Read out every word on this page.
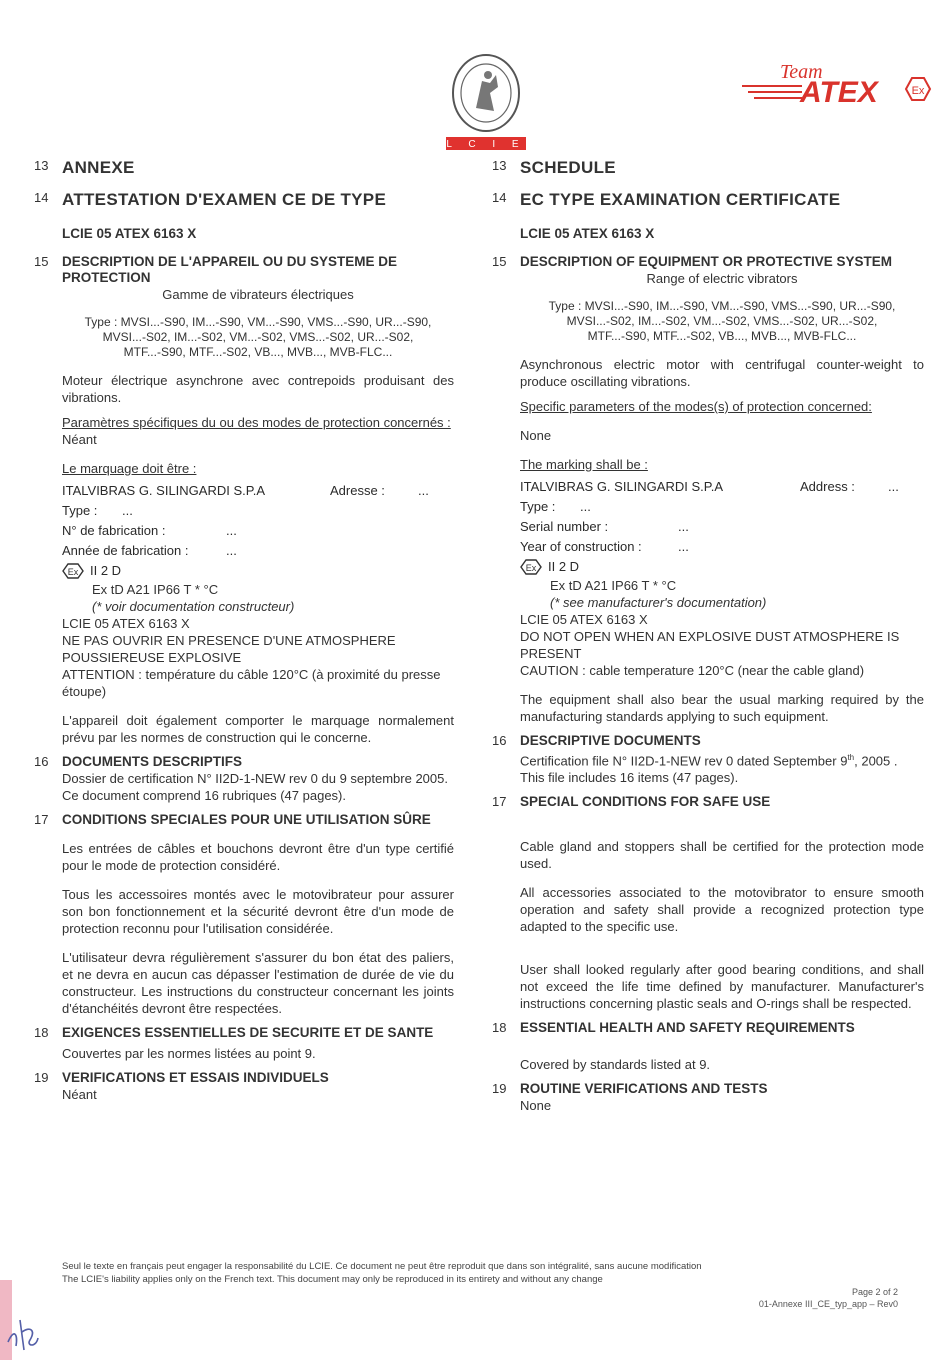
L C I E
Team
ATEX	Ex
13 ANNEXE
14 ATTESTATION D'EXAMEN CE DE TYPE
LCIE 05 ATEX 6163 X
15 DESCRIPTION DE L'APPAREIL OU DU SYSTEME DE PROTECTION
Gamme de vibrateurs électriques
Type : MVSI...-S90, IM...-S90, VM...-S90, VMS...-S90, UR...-S90,
MVSI...-S02, IM...-S02, VM...-S02, VMS...-S02, UR...-S02,
MTF...-S90, MTF...-S02, VB..., MVB..., MVB-FLC...
Moteur électrique asynchrone avec contrepoids produisant des vibrations.
Paramètres spécifiques du ou des modes de protection concernés :
Néant
Le marquage doit être :
ITALVIBRAS G. SILINGARDI S.P.A	Adresse :	...
Type :	...
N° de fabrication :	...
Année de fabrication :	...
Ex II 2 D
Ex tD A21 IP66 T * °C
(* voir documentation constructeur)
LCIE 05 ATEX 6163 X
NE PAS OUVRIR EN PRESENCE D'UNE ATMOSPHERE POUSSIEREUSE EXPLOSIVE
ATTENTION : température du câble 120°C (à proximité du presse étoupe)
L'appareil doit également comporter le marquage normalement prévu par les normes de construction qui le concerne.
16 DOCUMENTS DESCRIPTIFS
Dossier de certification N° II2D-1-NEW rev 0 du 9 septembre 2005.
Ce document comprend 16 rubriques (47 pages).
17 CONDITIONS SPECIALES POUR UNE UTILISATION SÛRE
Les entrées de câbles et bouchons devront être d'un type certifié pour le mode de protection considéré.
Tous les accessoires montés avec le motovibrateur pour assurer son bon fonctionnement et la sécurité devront être d'un mode de protection reconnu pour l'utilisation considérée.
L'utilisateur devra régulièrement s'assurer du bon état des paliers, et ne devra en aucun cas dépasser l'estimation de durée de vie du constructeur. Les instructions du constructeur concernant les joints d'étanchéités devront être respectées.
18 EXIGENCES ESSENTIELLES DE SECURITE ET DE SANTE
Couvertes par les normes listées au point 9.
19 VERIFICATIONS ET ESSAIS INDIVIDUELS
Néant
13 SCHEDULE
14 EC TYPE EXAMINATION CERTIFICATE
LCIE 05 ATEX 6163 X
15 DESCRIPTION OF EQUIPMENT OR PROTECTIVE SYSTEM
Range of electric vibrators
Type : MVSI...-S90, IM...-S90, VM...-S90, VMS...-S90, UR...-S90,
MVSI...-S02, IM...-S02, VM...-S02, VMS...-S02, UR...-S02,
MTF...-S90, MTF...-S02, VB..., MVB..., MVB-FLC...
Asynchronous electric motor with centrifugal counter-weight to produce oscillating vibrations.
Specific parameters of the modes(s) of protection concerned:
None
The marking shall be :
ITALVIBRAS G. SILINGARDI S.P.A	Address :	...
Type :	...
Serial number :	...
Year of construction :	...
Ex II 2 D
Ex tD A21 IP66 T * °C
(* see manufacturer's documentation)
LCIE 05 ATEX 6163 X
DO NOT OPEN WHEN AN EXPLOSIVE DUST ATMOSPHERE IS PRESENT
CAUTION : cable temperature 120°C (near the cable gland)
The equipment shall also bear the usual marking required by the manufacturing standards applying to such equipment.
16 DESCRIPTIVE DOCUMENTS
Certification file N° II2D-1-NEW rev 0 dated September 9th, 2005 .
This file includes 16 items (47 pages).
17 SPECIAL CONDITIONS FOR SAFE USE
Cable gland and stoppers shall be certified for the protection mode used.
All accessories associated to the motovibrator to ensure smooth operation and safety shall provide a recognized protection type adapted to the specific use.
User shall looked regularly after good bearing conditions, and shall not exceed the life time defined by manufacturer. Manufacturer's instructions concerning plastic seals and O-rings shall be respected.
18 ESSENTIAL HEALTH AND SAFETY REQUIREMENTS
Covered by standards listed at 9.
19 ROUTINE VERIFICATIONS AND TESTS
None
Seul le texte en français peut engager la responsabilité du LCIE. Ce document ne peut être reproduit que dans son intégralité, sans aucune modification
The LCIE's liability applies only on the French text. This document may only be reproduced in its entirety and without any change
Page 2 of 2
01-Annexe III_CE_typ_app – Rev0
